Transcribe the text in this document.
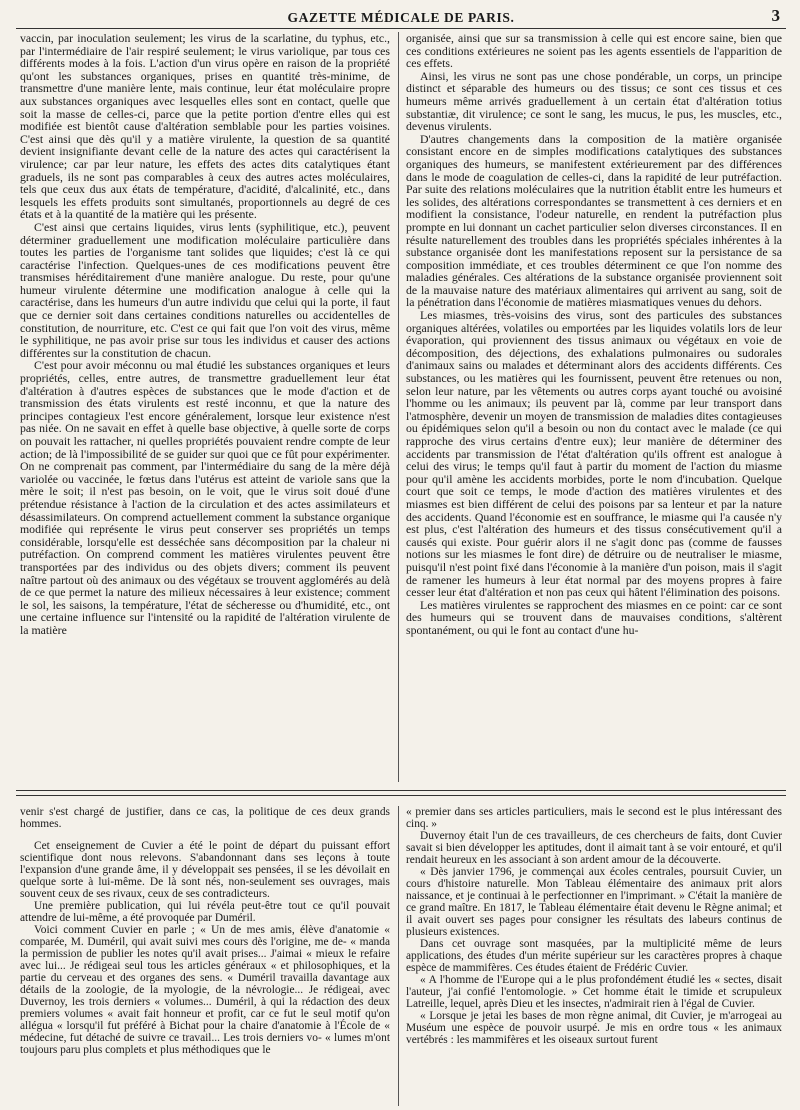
GAZETTE MÉDICALE DE PARIS.	3

vaccin, par inoculation seulement; les virus de la scarlatine, du typhus, etc., par l'intermédiaire de l'air respiré seulement; le virus variolique, par tous ces différents modes à la fois. L'action d'un virus opère en raison de la propriété qu'ont les substances organiques, prises en quantité très-minime, de transmettre d'une manière lente, mais continue, leur état moléculaire propre aux substances organiques avec lesquelles elles sont en contact, quelle que soit la masse de celles-ci, parce que la petite portion d'entre elles qui est modifiée est bientôt cause d'altération semblable pour les parties voisines. C'est ainsi que dès qu'il y a matière virulente, la question de sa quantité devient insignifiante devant celle de la nature des actes qui caractérisent la virulence; car par leur nature, les effets des actes dits catalytiques étant graduels, ils ne sont pas comparables à ceux des autres actes moléculaires, tels que ceux dus aux états de température, d'acidité, d'alcalinité, etc., dans lesquels les effets produits sont simultanés, proportionnels au degré de ces états et à la quantité de la matière qui les présente.

C'est ainsi que certains liquides, virus lents (syphilitique, etc.), peuvent déterminer graduellement une modification moléculaire particulière dans toutes les parties de l'organisme tant solides que liquides; c'est là ce qui caractérise l'infection. Quelques-unes de ces modifications peuvent être transmises héréditairement d'une manière analogue. Du reste, pour qu'une humeur virulente détermine une modification analogue à celle qui la caractérise, dans les humeurs d'un autre individu que celui qui la porte, il faut que ce dernier soit dans certaines conditions naturelles ou accidentelles de constitution, de nourriture, etc. C'est ce qui fait que l'on voit des virus, même le syphilitique, ne pas avoir prise sur tous les individus et causer des actions différentes sur la constitution de chacun.

C'est pour avoir méconnu ou mal étudié les substances organiques et leurs propriétés, celles, entre autres, de transmettre graduellement leur état d'altération à d'autres espèces de substances que le mode d'action et de transmission des états virulents est resté inconnu, et que la nature des principes contagieux l'est encore généralement, lorsque leur existence n'est pas niée. On ne savait en effet à quelle base objective, à quelle sorte de corps on pouvait les rattacher, ni quelles propriétés pouvaient rendre compte de leur action; de là l'impossibilité de se guider sur quoi que ce fût pour expérimenter. On ne comprenait pas comment, par l'intermédiaire du sang de la mère déjà variolée ou vaccinée, le fœtus dans l'utérus est atteint de variole sans que la mère le soit; il n'est pas besoin, on le voit, que le virus soit doué d'une prétendue résistance à l'action de la circulation et des actes assimilateurs et désassimilateurs. On comprend actuellement comment la substance organique modifiée qui représente le virus peut conserver ses propriétés un temps considérable, lorsqu'elle est desséchée sans décomposition par la chaleur ni putréfaction. On comprend comment les matières virulentes peuvent être transportées par des individus ou des objets divers; comment ils peuvent naître partout où des animaux ou des végétaux se trouvent agglomérés au delà de ce que permet la nature des milieux nécessaires à leur existence; comment le sol, les saisons, la température, l'état de sécheresse ou d'humidité, etc., ont une certaine influence sur l'intensité ou la rapidité de l'altération virulente de la matière

organisée, ainsi que sur sa transmission à celle qui est encore saine, bien que ces conditions extérieures ne soient pas les agents essentiels de l'apparition de ces effets.

Ainsi, les virus ne sont pas une chose pondérable, un corps, un principe distinct et séparable des humeurs ou des tissus; ce sont ces tissus et ces humeurs même arrivés graduellement à un certain état d'altération totius substantiæ, dit virulence; ce sont le sang, les mucus, le pus, les muscles, etc., devenus virulents.

D'autres changements dans la composition de la matière organisée consistant encore en de simples modifications catalytiques des substances organiques des humeurs, se manifestent extérieurement par des différences dans le mode de coagulation de celles-ci, dans la rapidité de leur putréfaction. Par suite des relations moléculaires que la nutrition établit entre les humeurs et les solides, des altérations correspondantes se transmettent à ces derniers et en modifient la consistance, l'odeur naturelle, en rendent la putréfaction plus prompte en lui donnant un cachet particulier selon diverses circonstances. Il en résulte naturellement des troubles dans les propriétés spéciales inhérentes à la substance organisée dont les manifestations reposent sur la persistance de sa composition immédiate, et ces troubles déterminent ce que l'on nomme des maladies générales. Ces altérations de la substance organisée proviennent soit de la mauvaise nature des matériaux alimentaires qui arrivent au sang, soit de la pénétration dans l'économie de matières miasmatiques venues du dehors.

Les miasmes, très-voisins des virus, sont des particules des substances organiques altérées, volatiles ou emportées par les liquides volatils lors de leur évaporation, qui proviennent des tissus animaux ou végétaux en voie de décomposition, des déjections, des exhalations pulmonaires ou sudorales d'animaux sains ou malades et déterminant alors des accidents différents. Ces substances, ou les matières qui les fournissent, peuvent être retenues ou non, selon leur nature, par les vêtements ou autres corps ayant touché ou avoisiné l'homme ou les animaux; ils peuvent par là, comme par leur transport dans l'atmosphère, devenir un moyen de transmission de maladies dites contagieuses ou épidémiques selon qu'il a besoin ou non du contact avec le malade (ce qui rapproche des virus certains d'entre eux); leur manière de déterminer des accidents par transmission de l'état d'altération qu'ils offrent est analogue à celui des virus; le temps qu'il faut à partir du moment de l'action du miasme pour qu'il amène les accidents morbides, porte le nom d'incubation. Quelque court que soit ce temps, le mode d'action des matières virulentes et des miasmes est bien différent de celui des poisons par sa lenteur et par la nature des accidents. Quand l'économie est en souffrance, le miasme qui l'a causée n'y est plus, c'est l'altération des humeurs et des tissus consécutivement qu'il a causés qui existe. Pour guérir alors il ne s'agit donc pas (comme de fausses notions sur les miasmes le font dire) de détruire ou de neutraliser le miasme, puisqu'il n'est point fixé dans l'économie à la manière d'un poison, mais il s'agit de ramener les humeurs à leur état normal par des moyens propres à faire cesser leur état d'altération et non pas ceux qui hâtent l'élimination des poisons.

Les matières virulentes se rapprochent des miasmes en ce point: car ce sont des humeurs qui se trouvent dans de mauvaises conditions, s'altèrent spontanément, ou qui le font au contact d'une hu-

venir s'est chargé de justifier, dans ce cas, la politique de ces deux grands hommes.

Cet enseignement de Cuvier a été le point de départ du puissant effort scientifique dont nous relevons. S'abandonnant dans ses leçons à toute l'expansion d'une grande âme, il y développait ses pensées, il se les dévoilait en quelque sorte à lui-même. De là sont nés, non-seulement ses ouvrages, mais souvent ceux de ses rivaux, ceux de ses contradicteurs.

Une première publication, qui lui révéla peut-être tout ce qu'il pouvait attendre de lui-même, a été provoquée par Duméril.

Voici comment Cuvier en parle ; « Un de mes amis, élève d'anatomie « comparée, M. Duméril, qui avait suivi mes cours dès l'origine, me de- « manda la permission de publier les notes qu'il avait prises... J'aimai « mieux le refaire avec lui... Je rédigeai seul tous les articles généraux « et philosophiques, et la partie du cerveau et des organes des sens. « Duméril travailla davantage aux détails de la zoologie, de la myologie, de la névrologie... Je rédigeai, avec Duvernoy, les trois derniers « volumes... Duméril, à qui la rédaction des deux premiers volumes « avait fait honneur et profit, car ce fut le seul motif qu'on allégua « lorsqu'il fut préféré à Bichat pour la chaire d'anatomie à l'École de « médecine, fut détaché de suivre ce travail... Les trois derniers vo- « lumes m'ont toujours paru plus complets et plus méthodiques que le

« premier dans ses articles particuliers, mais le second est le plus intéressant des cinq. »

Duvernoy était l'un de ces travailleurs, de ces chercheurs de faits, dont Cuvier savait si bien développer les aptitudes, dont il aimait tant à se voir entouré, et qu'il rendait heureux en les associant à son ardent amour de la découverte.

« Dès janvier 1796, je commençai aux écoles centrales, poursuit Cuvier, un cours d'histoire naturelle. Mon Tableau élémentaire des animaux prit alors naissance, et je continuai à le perfectionner en l'imprimant. » C'était la manière de ce grand maître. En 1817, le Tableau élémentaire était devenu le Règne animal; et il avait ouvert ses pages pour consigner les résultats des labeurs continus de plusieurs existences.

Dans cet ouvrage sont masquées, par la multiplicité même de leurs applications, des études d'un mérite supérieur sur les caractères propres à chaque espèce de mammifères. Ces études étaient de Frédéric Cuvier.

« A l'homme de l'Europe qui a le plus profondément étudié les « sectes, disait l'auteur, j'ai confié l'entomologie. » Cet homme était le timide et scrupuleux Latreille, lequel, après Dieu et les insectes, n'admirait rien à l'égal de Cuvier.

« Lorsque je jetai les bases de mon règne animal, dit Cuvier, je m'arrogeai au Muséum une espèce de pouvoir usurpé. Je mis en ordre tous « les animaux vertébrés : les mammifères et les oiseaux surtout furent
